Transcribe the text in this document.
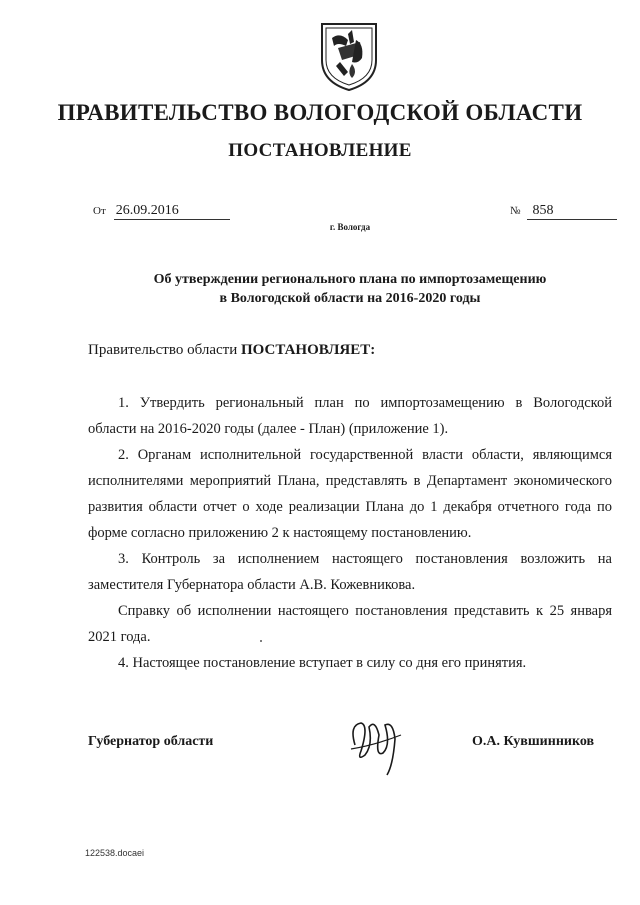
ПРАВИТЕЛЬСТВО ВОЛОГОДСКОЙ ОБЛАСТИ
ПОСТАНОВЛЕНИЕ
От 26.09.2016	№ 858
г. Вологда
Об утверждении регионального плана по импортозамещению
в Вологодской области на 2016-2020 годы
Правительство области ПОСТАНОВЛЯЕТ:

1. Утвердить региональный план по импортозамещению в Вологодской области на 2016-2020 годы (далее - План) (приложение 1).

2. Органам исполнительной государственной власти области, являющимся исполнителями мероприятий Плана, представлять в Департамент экономического развития области отчет о ходе реализации Плана до 1 декабря отчетного года по форме согласно приложению 2 к настоящему постановлению.

3. Контроль за исполнением настоящего постановления возложить на заместителя Губернатора области А.В. Кожевникова.

Справку об исполнении настоящего постановления представить к 25 января 2021 года.

4. Настоящее постановление вступает в силу со дня его принятия.

Губернатор области	О.А. Кувшинников
122538.docaei
